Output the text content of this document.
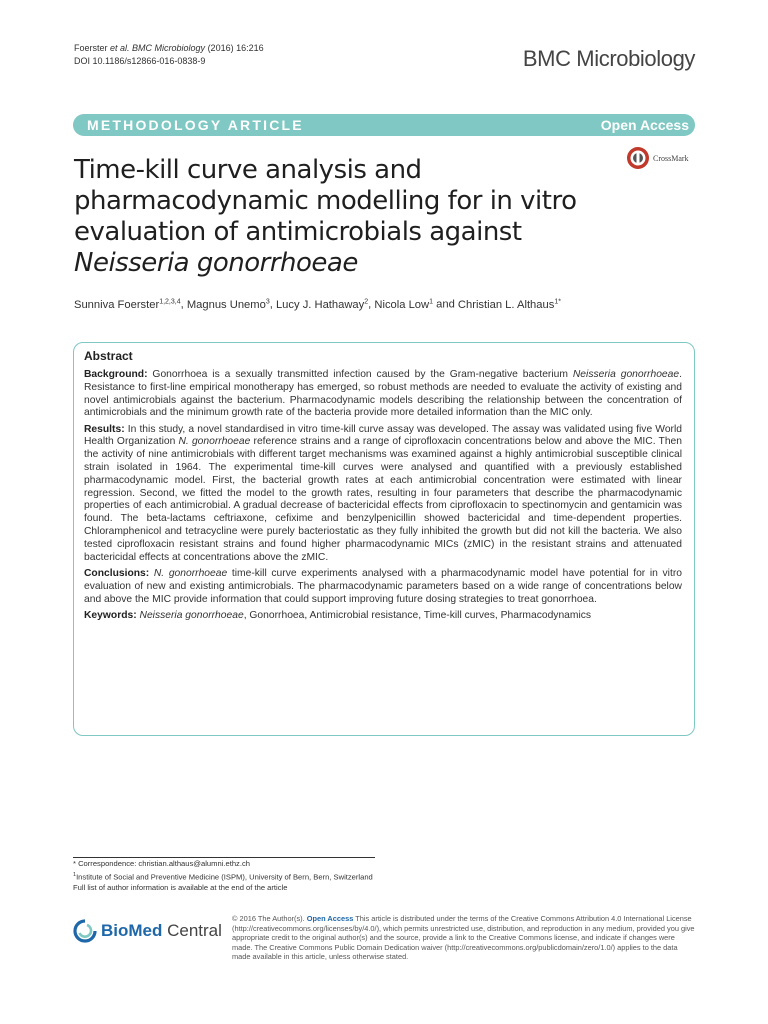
Foerster et al. BMC Microbiology (2016) 16:216
DOI 10.1186/s12866-016-0838-9	BMC Microbiology
METHODOLOGY ARTICLE	Open Access
CrossMark
Time-kill curve analysis and
pharmacodynamic modelling for in vitro
evaluation of antimicrobials against
Neisseria gonorrhoeae
Sunniva Foerster$^{1,2,3,4}$, Magnus Unemo$^3$, Lucy J. Hathaway$^2$, Nicola Low$^1$ and Christian L. Althaus$^{1*}$
Abstract

Background: Gonorrhoea is a sexually transmitted infection caused by the Gram-negative bacterium Neisseria gonorrhoeae. Resistance to first-line empirical monotherapy has emerged, so robust methods are needed to evaluate the activity of existing and novel antimicrobials against the bacterium. Pharmacodynamic models describing the relationship between the concentration of antimicrobials and the minimum growth rate of the bacteria provide more detailed information than the MIC only.

Results: In this study, a novel standardised in vitro time-kill curve assay was developed. The assay was validated using five World Health Organization N. gonorrhoeae reference strains and a range of ciprofloxacin concentrations below and above the MIC. Then the activity of nine antimicrobials with different target mechanisms was examined against a highly antimicrobial susceptible clinical strain isolated in 1964. The experimental time-kill curves were analysed and quantified with a previously established pharmacodynamic model. First, the bacterial growth rates at each antimicrobial concentration were estimated with linear regression. Second, we fitted the model to the growth rates, resulting in four parameters that describe the pharmacodynamic properties of each antimicrobial. A gradual decrease of bactericidal effects from ciprofloxacin to spectinomycin and gentamicin was found. The beta-lactams ceftriaxone, cefixime and benzylpenicillin showed bactericidal and time-dependent properties. Chloramphenicol and tetracycline were purely bacteriostatic as they fully inhibited the growth but did not kill the bacteria. We also tested ciprofloxacin resistant strains and found higher pharmacodynamic MICs (zMIC) in the resistant strains and attenuated bactericidal effects at concentrations above the zMIC.

Conclusions: N. gonorrhoeae time-kill curve experiments analysed with a pharmacodynamic model have potential for in vitro evaluation of new and existing antimicrobials. The pharmacodynamic parameters based on a wide range of concentrations below and above the MIC provide information that could support improving future dosing strategies to treat gonorrhoea.

Keywords: Neisseria gonorrhoeae, Gonorrhoea, Antimicrobial resistance, Time-kill curves, Pharmacodynamics

* Correspondence: christian.althaus@alumni.ethz.ch
$^1$Institute of Social and Preventive Medicine (ISPM), University of Bern, Bern, Switzerland
Full list of author information is available at the end of the article
BioMed Central
© 2016 The Author(s). Open Access This article is distributed under the terms of the Creative Commons Attribution 4.0 International License (http://creativecommons.org/licenses/by/4.0/), which permits unrestricted use, distribution, and reproduction in any medium, provided you give appropriate credit to the original author(s) and the source, provide a link to the Creative Commons license, and indicate if changes were made. The Creative Commons Public Domain Dedication waiver (http://creativecommons.org/publicdomain/zero/1.0/) applies to the data made available in this article, unless otherwise stated.
